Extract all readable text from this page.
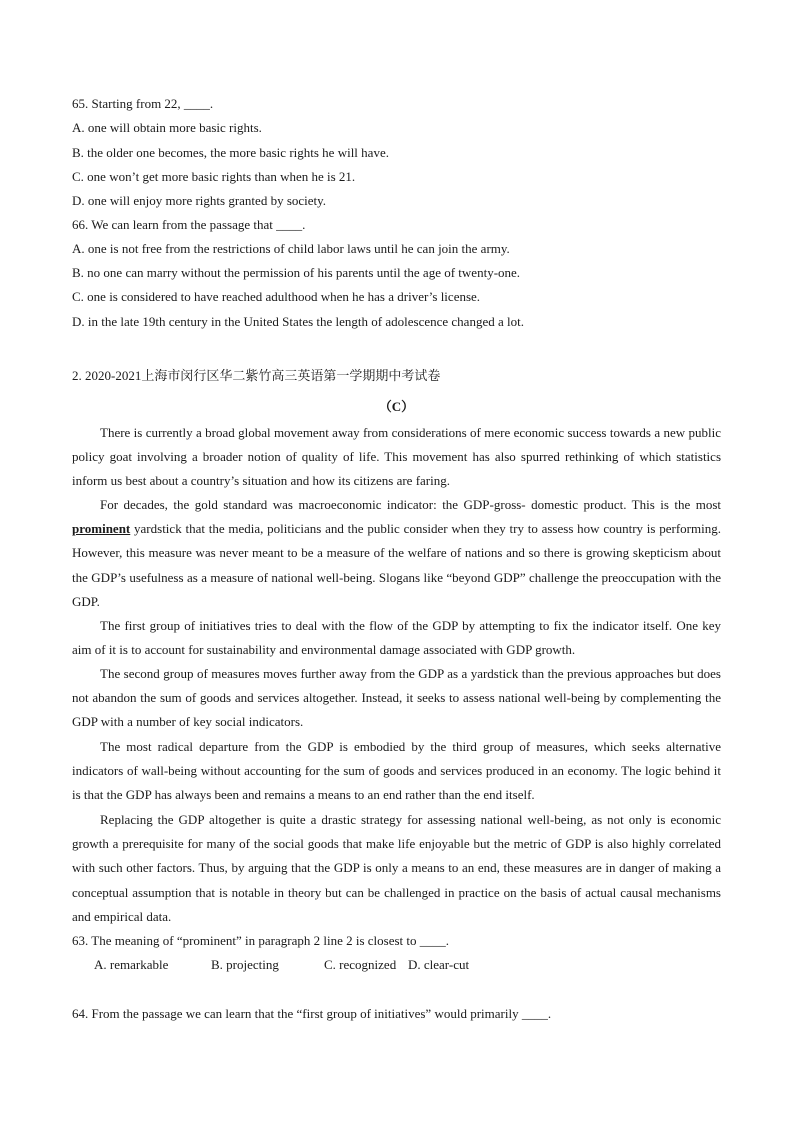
65. Starting from 22, ____.
A. one will obtain more basic rights.
B. the older one becomes, the more basic rights he will have.
C. one won’t get more basic rights than when he is 21.
D. one will enjoy more rights granted by society.
66. We can learn from the passage that ____.
A. one is not free from the restrictions of child labor laws until he can join the army.
B. no one can marry without the permission of his parents until the age of twenty-one.
C. one is considered to have reached adulthood when he has a driver’s license.
D. in the late 19th century in the United States the length of adolescence changed a lot.
2. 2020-2021上海市闵行区华二紫竹高三英语第一学期期中考试卷
（C）

There is currently a broad global movement away from considerations of mere economic success towards a new public policy goat involving a broader notion of quality of life. This movement has also spurred rethinking of which statistics inform us best about a country’s situation and how its citizens are faring.

For decades, the gold standard was macroeconomic indicator: the GDP-gross- domestic product. This is the most prominent yardstick that the media, politicians and the public consider when they try to assess how country is performing. However, this measure was never meant to be a measure of the welfare of nations and so there is growing skepticism about the GDP’s usefulness as a measure of national well-being. Slogans like “beyond GDP” challenge the preoccupation with the GDP.

The first group of initiatives tries to deal with the flow of the GDP by attempting to fix the indicator itself. One key aim of it is to account for sustainability and environmental damage associated with GDP growth.

The second group of measures moves further away from the GDP as a yardstick than the previous approaches but does not abandon the sum of goods and services altogether. Instead, it seeks to assess national well-being by complementing the GDP with a number of key social indicators.

The most radical departure from the GDP is embodied by the third group of measures, which seeks alternative indicators of wall-being without accounting for the sum of goods and services produced in an economy. The logic behind it is that the GDP has always been and remains a means to an end rather than the end itself.

Replacing the GDP altogether is quite a drastic strategy for assessing national well-being, as not only is economic growth a prerequisite for many of the social goods that make life enjoyable but the metric of GDP is also highly correlated with such other factors. Thus, by arguing that the GDP is only a means to an end, these measures are in danger of making a conceptual assumption that is notable in theory but can be challenged in practice on the basis of actual causal mechanisms and empirical data.

63. The meaning of “prominent” in paragraph 2 line 2 is closest to ____.
A. remarkable	B. projecting	C. recognized D. clear-cut
64. From the passage we can learn that the “first group of initiatives” would primarily ____.
